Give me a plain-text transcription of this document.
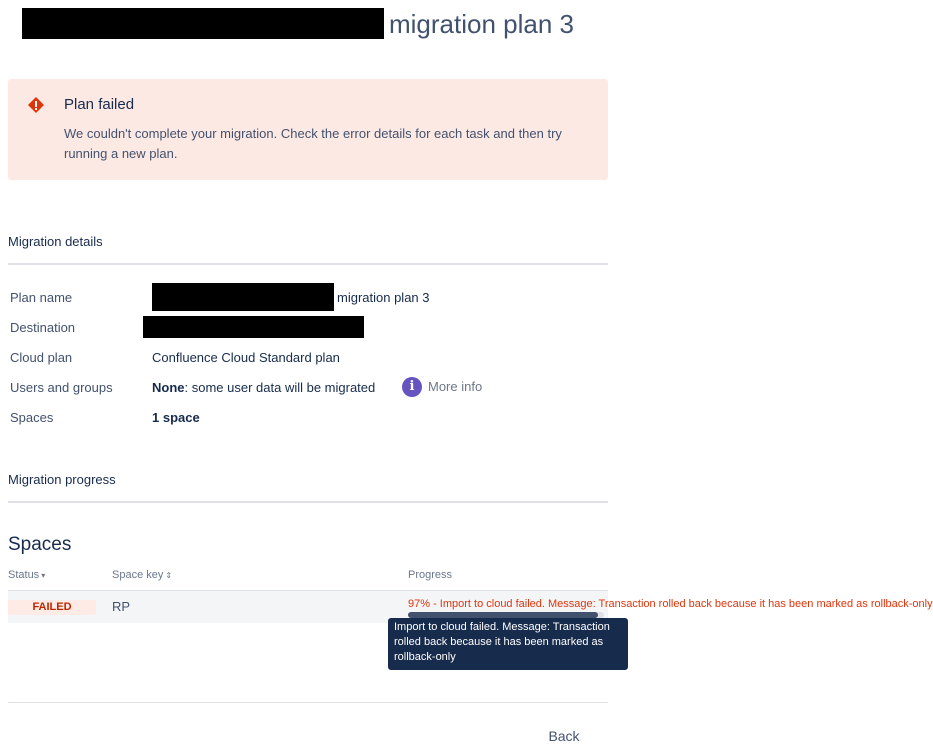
migration plan 3
Plan failed
We couldn't complete your migration. Check the error details for each task and then try running a new plan.
Migration details
Plan name	migration plan 3
Destination
Cloud plan	Confluence Cloud Standard plan
Users and groups	None: some user data will be migrated	i	More info
Spaces	1 space
Migration progress
Spaces
Status ▾	Space key ⇕	Progress
FAILED	RP	97% - Import to cloud failed. Message: Transaction rolled back because it has been marked as rollback-only
Import to cloud failed. Message: Transaction rolled back because it has been marked as rollback-only
Back
